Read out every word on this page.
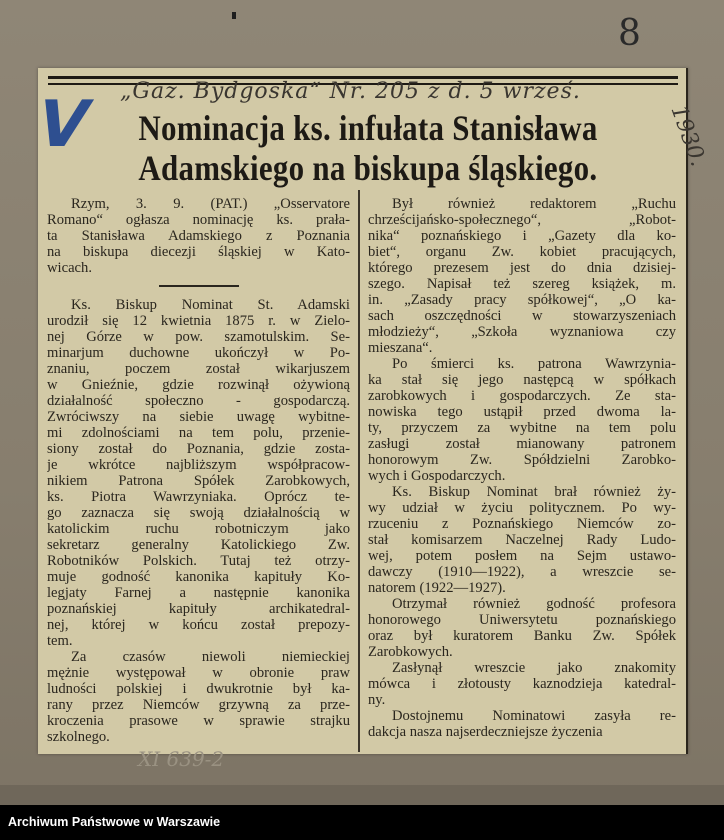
8
V „Gaz. Bydgoska“ Nr. 205 z d. 5 wrześ.
Nominacja ks. infułata Stanisława
Adamskiego na biskupa śląskiego.	1930.
Rzym, 3. 9. (PAT.) „Osservatore
Romano“ ogłasza nominację ks. prała-
ta Stanisława Adamskiego z Poznania
na biskupa diecezji śląskiej w Kato-
wicach.
Ks. Biskup Nominat St. Adamski
urodził się 12 kwietnia 1875 r. w Zielo-
nej Górze w pow. szamotulskim. Se-
minarjum duchowne ukończył w Po-
znaniu, poczem został wikarjuszem
w Gnieźnie, gdzie rozwinął ożywioną
działalność społeczno - gospodarczą.
Zwróciwszy na siebie uwagę wybitne-
mi zdolnościami na tem polu, przenie-
siony został do Poznania, gdzie zosta-
je wkrótce najbliższym współpracow-
nikiem Patrona Spółek Zarobkowych,
ks. Piotra Wawrzyniaka. Oprócz te-
go zaznacza się swoją działalnością w
katolickim ruchu robotniczym jako
sekretarz generalny Katolickiego Zw.
Robotników Polskich. Tutaj też otrzy-
muje godność kanonika kapituły Ko-
legjaty Farnej a następnie kanonika
poznańskiej kapituły archikatedral-
nej, której w końcu został prepozy-
tem.
Za czasów niewoli niemieckiej
mężnie występował w obronie praw
ludności polskiej i dwukrotnie był ka-
rany przez Niemców grzywną za prze-
kroczenia prasowe w sprawie strajku
szkolnego.
Był również redaktorem „Ruchu
chrześcijańsko-społecznego“, „Robot-
nika“ poznańskiego i „Gazety dla ko-
biet“, organu Zw. kobiet pracujących,
którego prezesem jest do dnia dzisiej-
szego. Napisał też szereg książek, m.
in. „Zasady pracy spółkowej“, „O ka-
sach oszczędności w stowarzyszeniach
młodzieży“, „Szkoła wyznaniowa czy
mieszana“.
Po śmierci ks. patrona Wawrzynia-
ka stał się jego następcą w spółkach
zarobkowych i gospodarczych. Ze sta-
nowiska tego ustąpił przed dwoma la-
ty, przyczem za wybitne na tem polu
zasługi został mianowany patronem
honorowym Zw. Spółdzielni Zarobko-
wych i Gospodarczych.
Ks. Biskup Nominat brał również ży-
wy udział w życiu politycznem. Po wy-
rzuceniu z Poznańskiego Niemców zo-
stał komisarzem Naczelnej Rady Ludo-
wej, potem posłem na Sejm ustawo-
dawczy (1910—1922), a wreszcie se-
natorem (1922—1927).
Otrzymał również godność profesora
honorowego Uniwersytetu poznańskiego
oraz był kuratorem Banku Zw. Spółek
Zarobkowych.
Zasłynął wreszcie jako znakomity
mówca i złotousty kaznodzieja katedral-
ny.
Dostojnemu Nominatowi zasyła re-
dakcja nasza najserdeczniejsze życzenia
XI 639-2
Archiwum Państwowe w Warszawie
